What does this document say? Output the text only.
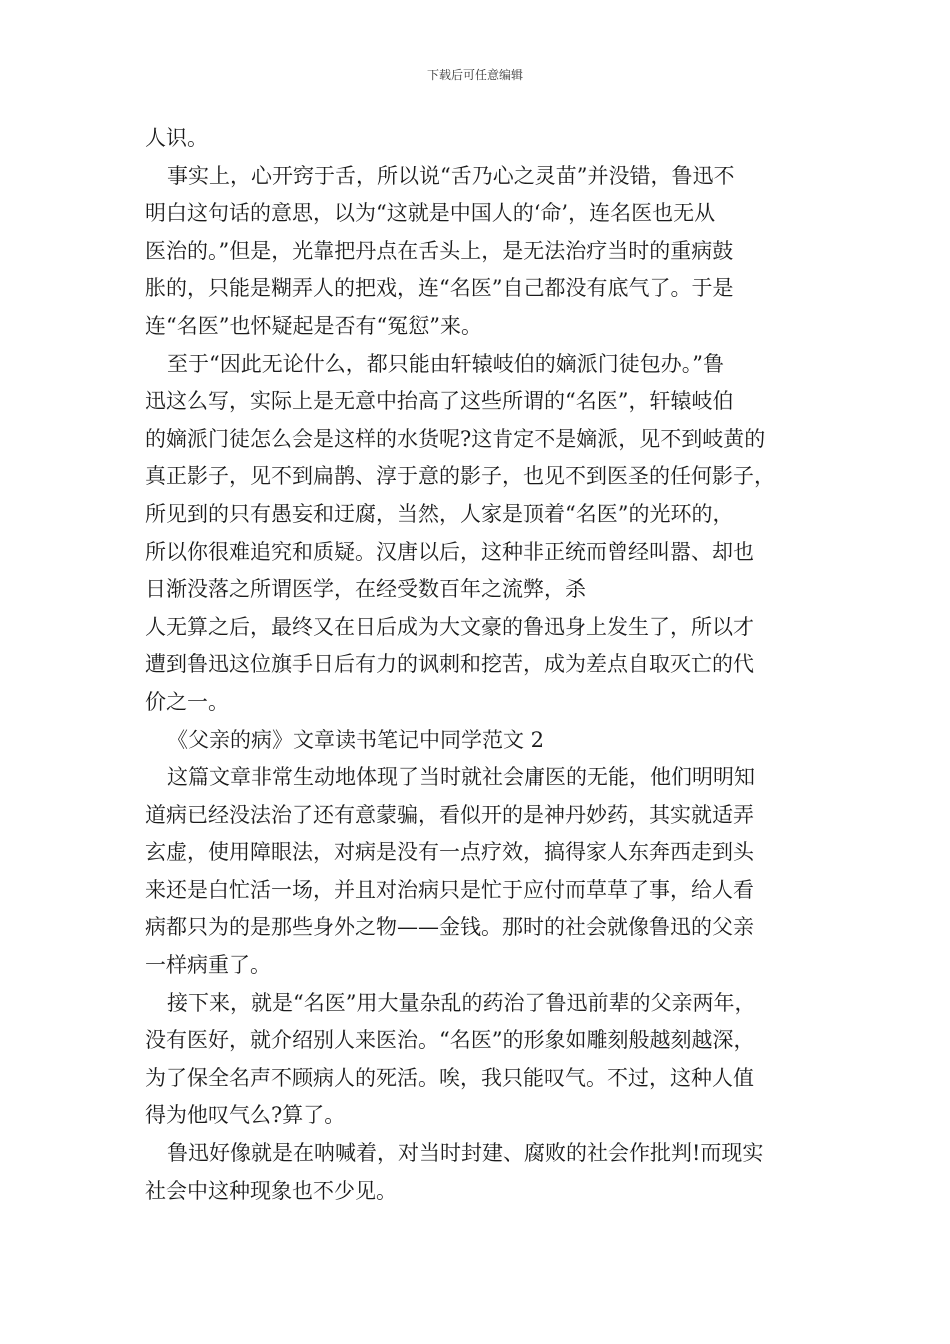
下载后可任意编辑
人识。
事实上，心开窍于舌，所以说“舌乃心之灵苗”并没错，鲁迅不
明白这句话的意思，以为“这就是中国人的‘命’，连名医也无从
医治的。”但是，光靠把丹点在舌头上，是无法治疗当时的重病鼓
胀的，只能是糊弄人的把戏，连“名医”自己都没有底气了。于是
连“名医”也怀疑起是否有“冤愆”来。
至于“因此无论什么，都只能由轩辕岐伯的嫡派门徒包办。”鲁
迅这么写，实际上是无意中抬高了这些所谓的“名医”，轩辕岐伯
的嫡派门徒怎么会是这样的水货呢?这肯定不是嫡派，见不到岐黄的
真正影子，见不到扁鹊、淳于意的影子，也见不到医圣的任何影子，
所见到的只有愚妄和迂腐，当然，人家是顶着“名医”的光环的，
所以你很难追究和质疑。汉唐以后，这种非正统而曾经叫嚣、却也
日渐没落之所谓医学，在经受数百年之流弊，杀
人无算之后，最终又在日后成为大文豪的鲁迅身上发生了，所以才
遭到鲁迅这位旗手日后有力的讽刺和挖苦，成为差点自取灭亡的代
价之一。
《父亲的病》文章读书笔记中同学范文 2
这篇文章非常生动地体现了当时就社会庸医的无能，他们明明知
道病已经没法治了还有意蒙骗，看似开的是神丹妙药，其实就适弄
玄虚，使用障眼法，对病是没有一点疗效，搞得家人东奔西走到头
来还是白忙活一场，并且对治病只是忙于应付而草草了事，给人看
病都只为的是那些身外之物——金钱。那时的社会就像鲁迅的父亲
一样病重了。
接下来，就是“名医”用大量杂乱的药治了鲁迅前辈的父亲两年，
没有医好，就介绍别人来医治。“名医”的形象如雕刻般越刻越深，
为了保全名声不顾病人的死活。唉，我只能叹气。不过，这种人值
得为他叹气么?算了。
鲁迅好像就是在呐喊着，对当时封建、腐败的社会作批判!而现实
社会中这种现象也不少见。
